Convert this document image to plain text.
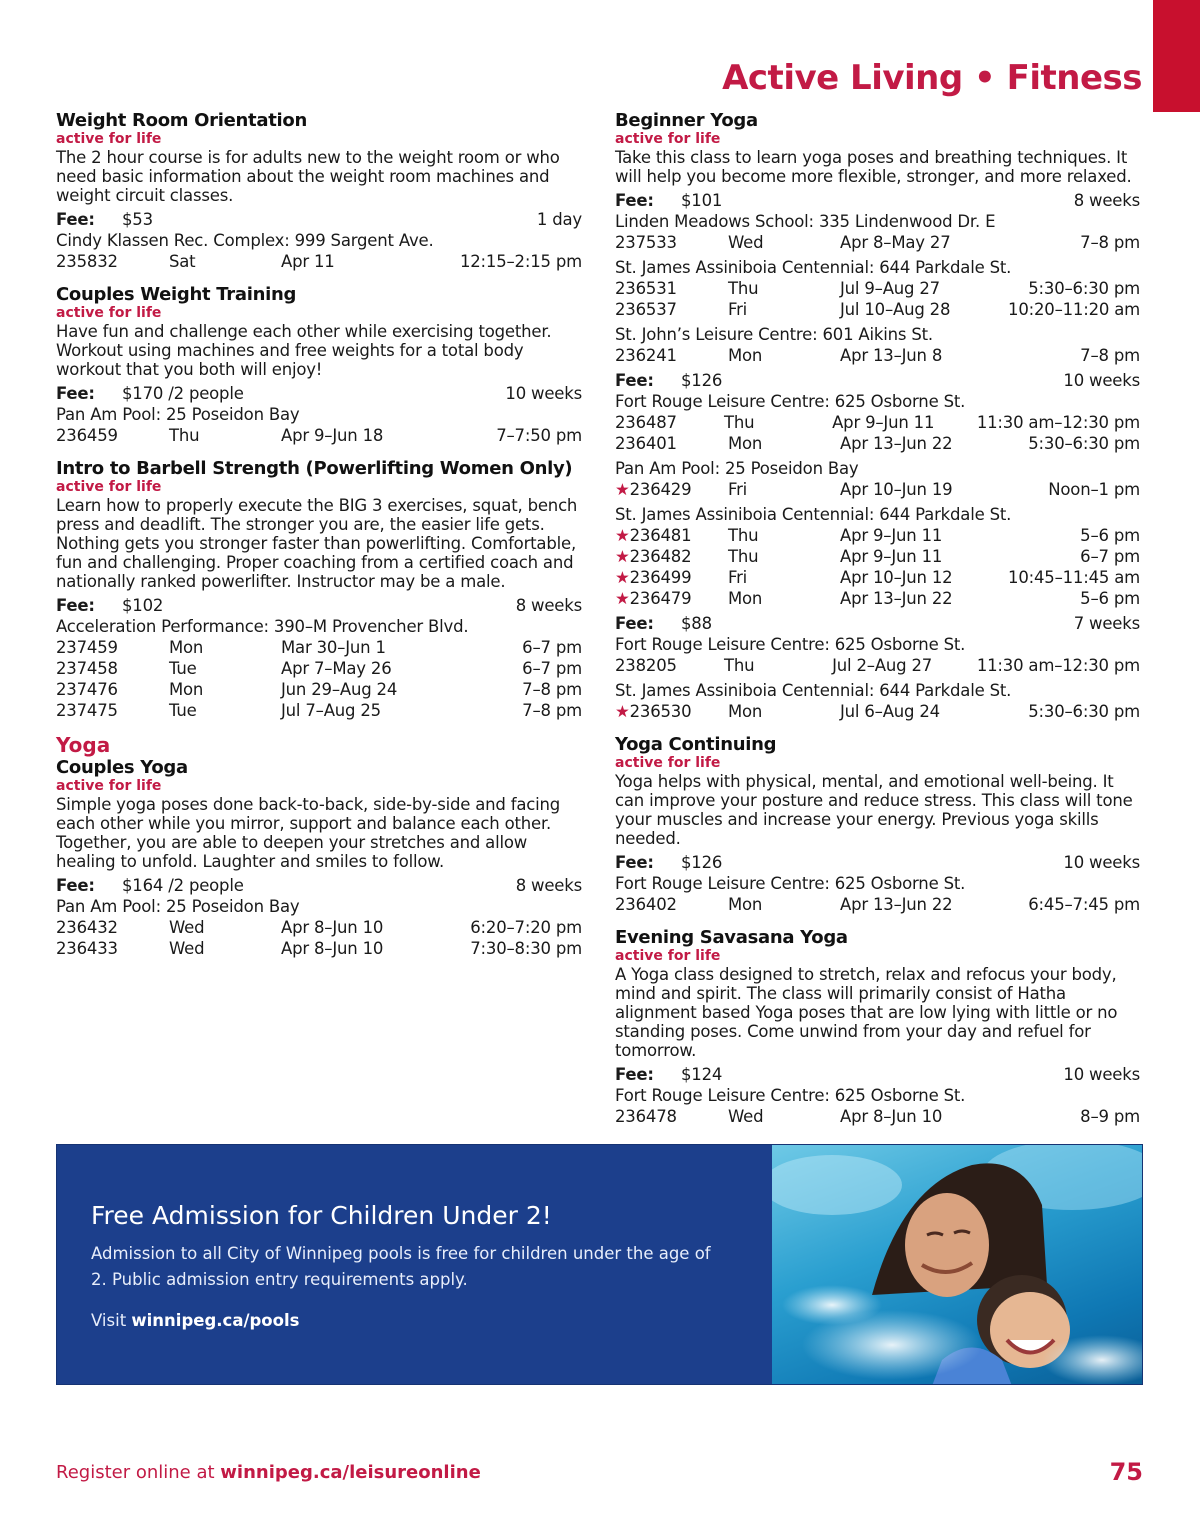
Active Living • Fitness
Weight Room Orientation
active for life
The 2 hour course is for adults new to the weight room or who need basic information about the weight room machines and weight circuit classes.
Fee:	$53	1 day
Cindy Klassen Rec. Complex: 999 Sargent Ave.
235832	Sat	Apr 11	12:15–2:15 pm
Couples Weight Training
active for life
Have fun and challenge each other while exercising together. Workout using machines and free weights for a total body workout that you both will enjoy!
Fee:	$170 /2 people	10 weeks
Pan Am Pool: 25 Poseidon Bay
236459	Thu	Apr 9–Jun 18	7–7:50 pm
Intro to Barbell Strength (Powerlifting Women Only)
active for life
Learn how to properly execute the BIG 3 exercises, squat, bench press and deadlift. The stronger you are, the easier life gets. Nothing gets you stronger faster than powerlifting. Comfortable, fun and challenging. Proper coaching from a certified coach and nationally ranked powerlifter. Instructor may be a male.
Fee:	$102	8 weeks
Acceleration Performance: 390–M Provencher Blvd.
237459	Mon	Mar 30–Jun 1	6–7 pm
237458	Tue	Apr 7–May 26	6–7 pm
237476	Mon	Jun 29–Aug 24	7–8 pm
237475	Tue	Jul 7–Aug 25	7–8 pm
Yoga
Couples Yoga
active for life
Simple yoga poses done back-to-back, side-by-side and facing each other while you mirror, support and balance each other. Together, you are able to deepen your stretches and allow healing to unfold. Laughter and smiles to follow.
Fee:	$164 /2 people	8 weeks
Pan Am Pool: 25 Poseidon Bay
236432	Wed	Apr 8–Jun 10	6:20–7:20 pm
236433	Wed	Apr 8–Jun 10	7:30–8:30 pm
Beginner Yoga
active for life
Take this class to learn yoga poses and breathing techniques. It will help you become more flexible, stronger, and more relaxed.
Fee:	$101	8 weeks
Linden Meadows School: 335 Lindenwood Dr. E
237533	Wed	Apr 8–May 27	7–8 pm
St. James Assiniboia Centennial: 644 Parkdale St.
236531	Thu	Jul 9–Aug 27	5:30–6:30 pm
236537	Fri	Jul 10–Aug 28	10:20–11:20 am
St. John’s Leisure Centre: 601 Aikins St.
236241	Mon	Apr 13–Jun 8	7–8 pm
Fee:	$126	10 weeks
Fort Rouge Leisure Centre: 625 Osborne St.
236487	Thu	Apr 9–Jun 11	11:30 am–12:30 pm
236401	Mon	Apr 13–Jun 22	5:30–6:30 pm
Pan Am Pool: 25 Poseidon Bay
★236429	Fri	Apr 10–Jun 19	Noon–1 pm
St. James Assiniboia Centennial: 644 Parkdale St.
★236481	Thu	Apr 9–Jun 11	5–6 pm
★236482	Thu	Apr 9–Jun 11	6–7 pm
★236499	Fri	Apr 10–Jun 12	10:45–11:45 am
★236479	Mon	Apr 13–Jun 22	5–6 pm
Fee:	$88	7 weeks
Fort Rouge Leisure Centre: 625 Osborne St.
238205	Thu	Jul 2–Aug 27	11:30 am–12:30 pm
St. James Assiniboia Centennial: 644 Parkdale St.
★236530	Mon	Jul 6–Aug 24	5:30–6:30 pm
Yoga Continuing
active for life
Yoga helps with physical, mental, and emotional well-being. It can improve your posture and reduce stress. This class will tone your muscles and increase your energy. Previous yoga skills needed.
Fee:	$126	10 weeks
Fort Rouge Leisure Centre: 625 Osborne St.
236402	Mon	Apr 13–Jun 22	6:45–7:45 pm
Evening Savasana Yoga
active for life
A Yoga class designed to stretch, relax and refocus your body, mind and spirit. The class will primarily consist of Hatha alignment based Yoga poses that are low lying with little or no standing poses. Come unwind from your day and refuel for tomorrow.
Fee:	$124	10 weeks
Fort Rouge Leisure Centre: 625 Osborne St.
236478	Wed	Apr 8–Jun 10	8–9 pm
Free Admission for Children Under 2!
Admission to all City of Winnipeg pools is free for children under the age of 2. Public admission entry requirements apply.
Visit winnipeg.ca/pools
Register online at winnipeg.ca/leisureonline	75
